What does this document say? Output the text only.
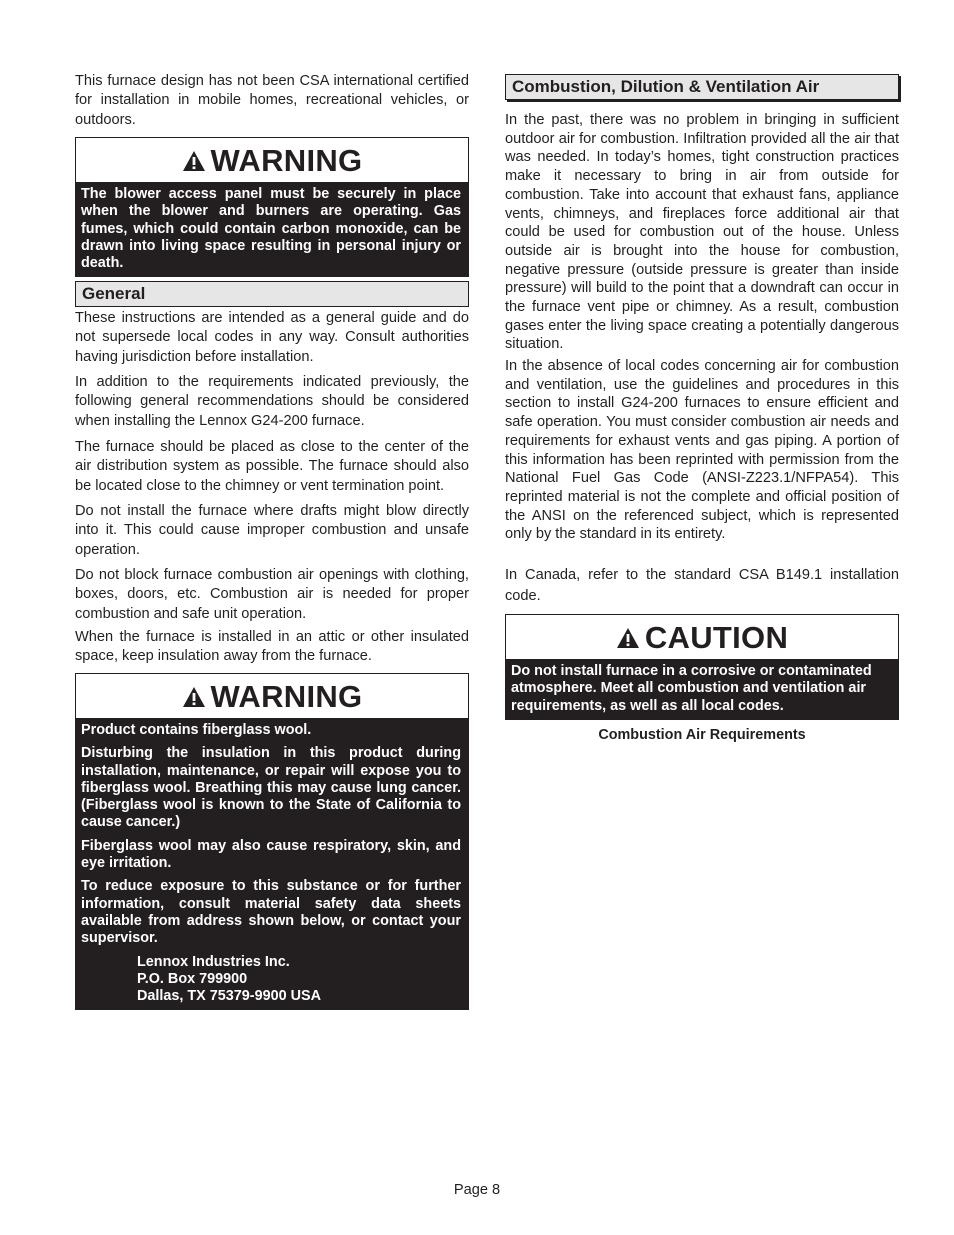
This furnace design has not been CSA international certified for installation in mobile homes, recreational vehicles, or outdoors.

WARNING

The blower access panel must be securely in place when the blower and burners are operating. Gas fumes, which could contain carbon monoxide, can be drawn into living space resulting in personal injury or death.

General

These instructions are intended as a general guide and do not supersede local codes in any way. Consult authorities having jurisdiction before installation.

In addition to the requirements indicated previously, the following general recommendations should be considered when installing the Lennox G24-200 furnace.

The furnace should be placed as close to the center of the air distribution system as possible. The furnace should also be located close to the chimney or vent termination point.

Do not install the furnace where drafts might blow directly into it. This could cause improper combustion and unsafe operation.

Do not block furnace combustion air openings with clothing, boxes, doors, etc. Combustion air is needed for proper combustion and safe unit operation.

When the furnace is installed in an attic or other insulated space, keep insulation away from the furnace.

WARNING

Product contains fiberglass wool.

Disturbing the insulation in this product during installation, maintenance, or repair will expose you to fiberglass wool. Breathing this may cause lung cancer. (Fiberglass wool is known to the State of California to cause cancer.)

Fiberglass wool may also cause respiratory, skin, and eye irritation.

To reduce exposure to this substance or for further information, consult material safety data sheets available from address shown below, or contact your supervisor.

Lennox Industries Inc.
P.O. Box 799900
Dallas, TX 75379-9900 USA

Combustion, Dilution & Ventilation Air

In the past, there was no problem in bringing in sufficient outdoor air for combustion. Infiltration provided all the air that was needed. In today’s homes, tight construction practices make it necessary to bring in air from outside for combustion. Take into account that exhaust fans, appliance vents, chimneys, and fireplaces force additional air that could be used for combustion out of the house. Unless outside air is brought into the house for combustion, negative pressure (outside pressure is greater than inside pressure) will build to the point that a downdraft can occur in the furnace vent pipe or chimney. As a result, combustion gases enter the living space creating a potentially dangerous situation.

In the absence of local codes concerning air for combustion and ventilation, use the guidelines and procedures in this section to install G24-200 furnaces to ensure efficient and safe operation. You must consider combustion air needs and requirements for exhaust vents and gas piping. A portion of this information has been reprinted with permission from the National Fuel Gas Code (ANSI-Z223.1/NFPA54). This reprinted material is not the complete and official position of the ANSI on the referenced subject, which is represented only by the standard in its entirety.

In Canada, refer to the standard CSA B149.1 installation code.

CAUTION

Do not install furnace in a corrosive or contaminated atmosphere. Meet all combustion and ventilation air requirements, as well as all local codes.

Combustion Air Requirements
Page 8
